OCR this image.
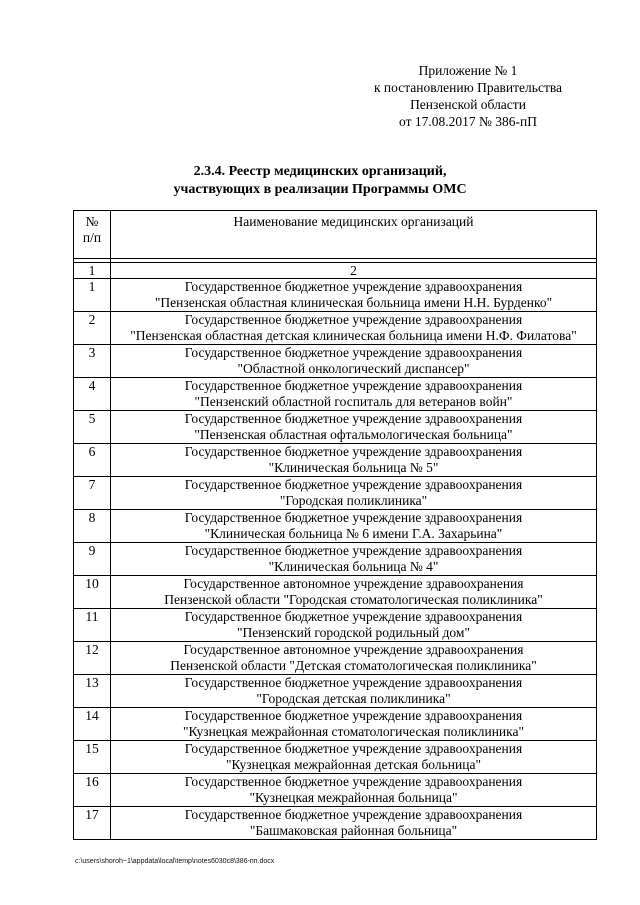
Приложение № 1
к постановлению Правительства
Пензенской области
от 17.08.2017 № 386-пП
2.3.4. Реестр медицинских организаций,
участвующих в реализации Программы ОМС
№
п/п	Наименование медицинских организаций

1	2
1	Государственное бюджетное учреждение здравоохранения
"Пензенская областная клиническая больница имени Н.Н. Бурденко"

2	Государственное бюджетное учреждение здравоохранения
"Пензенская областная детская клиническая больница имени Н.Ф. Филатова"

3	Государственное бюджетное учреждение здравоохранения
"Областной онкологический диспансер"

4	Государственное бюджетное учреждение здравоохранения
"Пензенский областной госпиталь для ветеранов войн"

5	Государственное бюджетное учреждение здравоохранения
"Пензенская областная офтальмологическая больница"

6	Государственное бюджетное учреждение здравоохранения
"Клиническая больница № 5"

7	Государственное бюджетное учреждение здравоохранения
"Городская поликлиника"

8	Государственное бюджетное учреждение здравоохранения
"Клиническая больница № 6 имени Г.А. Захарьина"

9	Государственное бюджетное учреждение здравоохранения
"Клиническая больница № 4"

10	Государственное автономное учреждение здравоохранения
Пензенской области "Городская стоматологическая поликлиника"

11	Государственное бюджетное учреждение здравоохранения
"Пензенский городской родильный дом"

12	Государственное автономное учреждение здравоохранения
Пензенской области "Детская стоматологическая поликлиника"

13	Государственное бюджетное учреждение здравоохранения
"Городская детская поликлиника"

14	Государственное бюджетное учреждение здравоохранения
"Кузнецкая межрайонная стоматологическая поликлиника"

15	Государственное бюджетное учреждение здравоохранения
"Кузнецкая межрайонная детская больница"

16	Государственное бюджетное учреждение здравоохранения
"Кузнецкая межрайонная больница"

17	Государственное бюджетное учреждение здравоохранения
"Башмаковская районная больница"
c:\users\shoroh~1\appdata\local\temp\notes6030c8\386-пп.docx
